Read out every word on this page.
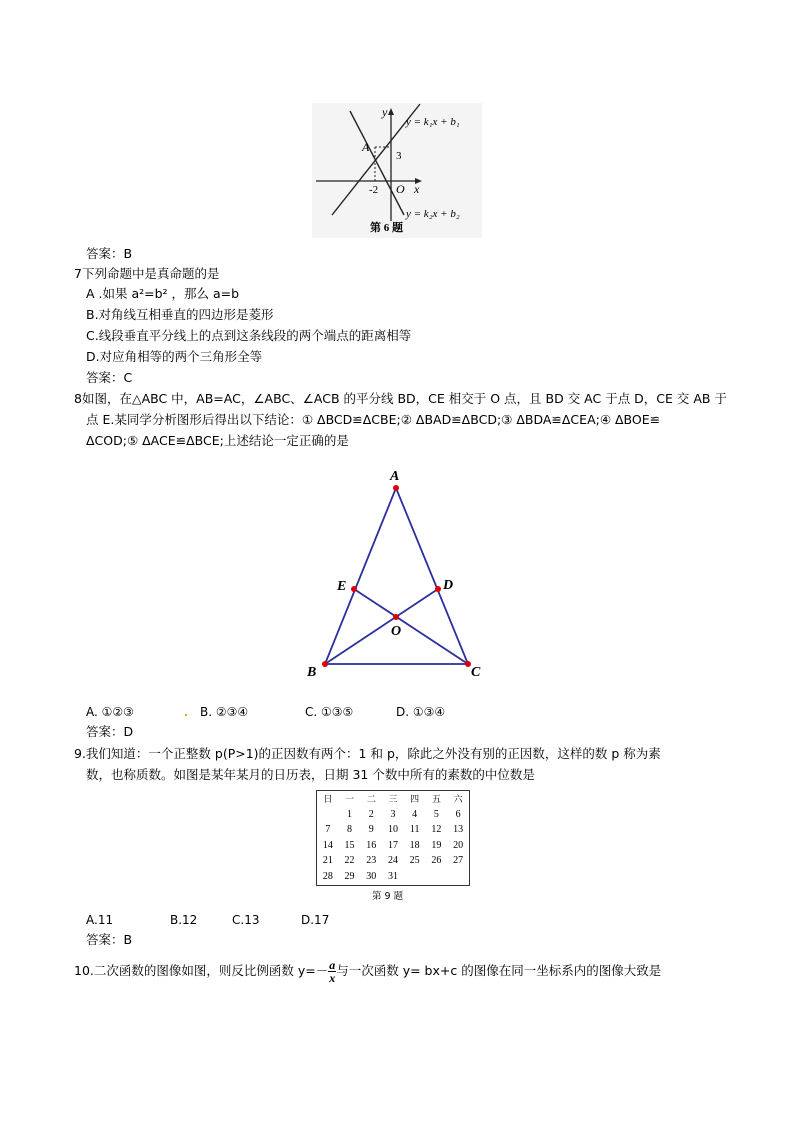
y
y = k₁x + b₁
A
3
-2 O x
y = k₂x + b₂
第 6 题
答案：B
7下列命题中是真命题的是
A .如果 a²=b² ，那么 a=b
B.对角线互相垂直的四边形是菱形
C.线段垂直平分线上的点到这条线段的两个端点的距离相等
D.对应角相等的两个三角形全等
答案：C
8如图，在△ABC 中，AB=AC，∠ABC、∠ACB 的平分线 BD，CE 相交于 O 点，且 BD 交 AC 于点 D，CE 交 AB 于
点 E.某同学分析图形后得出以下结论：① ΔBCD≌ΔCBE;② ΔBAD≌ΔBCD;③ ΔBDA≌ΔCEA;④ ΔBOE≌
ΔCOD;⑤ ΔACE≌ΔBCE;上述结论一定正确的是
A
E	D
O
B	C
A. ①②③	B. ②③④	C. ①③⑤	D. ①③④
答案：D
9.我们知道：一个正整数 p(P>1)的正因数有两个：1 和 p，除此之外没有别的正因数，这样的数 p 称为素
数，也称质数。如图是某年某月的日历表，日期 31 个数中所有的素数的中位数是
日	一	二	三	四	五	六
	1	2	3	4	5	6
7	8	9	10	11	12	13
14	15	16	17	18	19	20
21	22	23	24	25	26	27
28	29	30	31			
第 9 题
A.11	B.12	C.13	D.17
答案：B
10.二次函数的图像如图，则反比例函数 $y=- \frac{a}{x}$ 与一次函数 y= bx+c 的图像在同一坐标系内的图像大致是
